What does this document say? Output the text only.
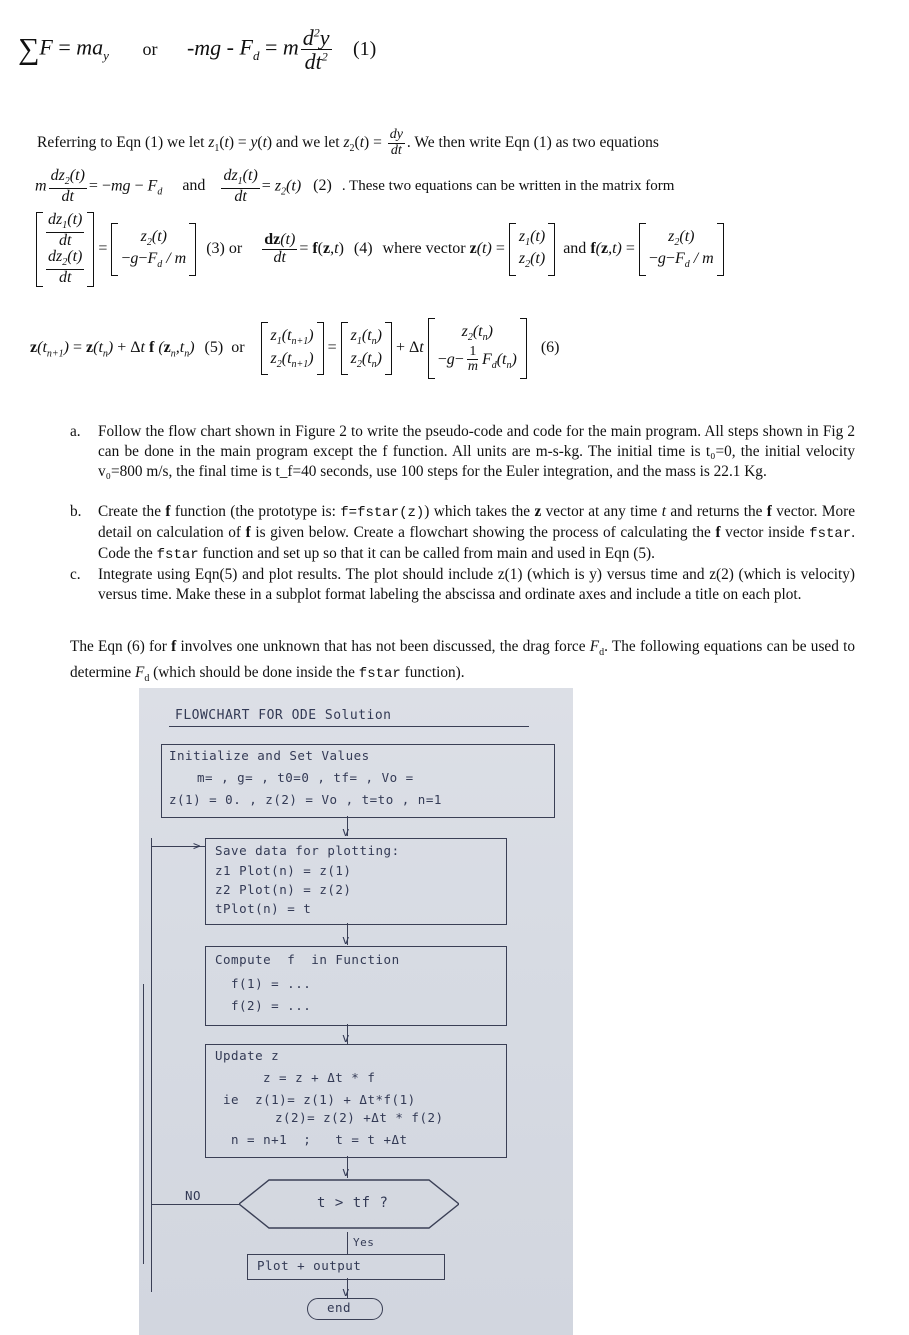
$\sum F = ma_y$ or $-mg - F_d = m \frac{d^2y}{dt^2} (1)$
Referring to Eqn (1) we let $z_1(t) = y(t)$ and we let $z_2(t) = \frac{dy}{dt}$ . We then write Eqn (1) as two equations
m $\frac{dz_2(t)}{dt} = -mg - F_d$ and $\frac{dz_1(t)}{dt} = z_2(t)$ (2) . These two equations can be written in the matrix form
$\frac{dz_1(t)}{dt}$
$\frac{dz_2(t)}{dt}$
=
$z_2(t)$
$-g-F_d / m$
(3) or $\frac{dz(t)}{dt} = f(z,t)$ (4) where vector z(t) =
$z_1(t)$
$z_2(t)$
and f(z,t) =
$z_2(t)$
$-g-F_d / m$
$z(t_{n+1}) = z(t_n) + \Delta t$ f $(z_n,t_n)$ (5) or
$z_1(t_{n+1})$
$z_2(t_{n+1})$
=
$z_1(t_n)$
$z_2(t_n)$
+ Δt
$z_2(t_n)$
$-g- \frac{1}{m} F_d(t_n)$
(6)
a. Follow the flow chart shown in Figure 2 to write the pseudo-code and code for the main program. All steps shown in Fig 2 can be done in the main program except the f function. All units are m-s-kg. The initial time is t₀=0, the initial velocity v₀=800 m/s, the final time is t_f=40 seconds, use 100 steps for the Euler integration, and the mass is 22.1 Kg.
b. Create the f function (the prototype is: f=fstar(z)) which takes the z vector at any time t and returns the f vector. More detail on calculation of f is given below. Create a flowchart showing the process of calculating the f vector inside fstar. Code the fstar function and set up so that it can be called from main and used in Eqn (5).
c. Integrate using Eqn(5) and plot results. The plot should include z(1) (which is y) versus time and z(2) (which is velocity) versus time. Make these in a subplot format labeling the abscissa and ordinate axes and include a title on each plot.
The Eqn (6) for f involves one unknown that has not been discussed, the drag force $F_d$. The following equations can be used to determine $F_d$ (which should be done inside the fstar function).
FLOWCHART FOR ODE Solution
Initialize and Set Values
m= , g= , t0=0 , tf= , Vo =
z(1) = 0. , z(2) = Vo , t=to , n=1
v
Save data for plotting:
z1 Plot(n) = z(1)
z2 Plot(n) = z(2)
tPlot(n) = t
v
Compute  f  in Function
f(1) = ...
f(2) = ...
v
Update z
z = z + Δt * f
ie  z(1)= z(1) + Δt*f(1)
z(2)= z(2) +Δt * f(2)
n = n+1  ;   t = t +Δt
v
t > tf ?
NO
Yes
Plot + output
v
end
>
